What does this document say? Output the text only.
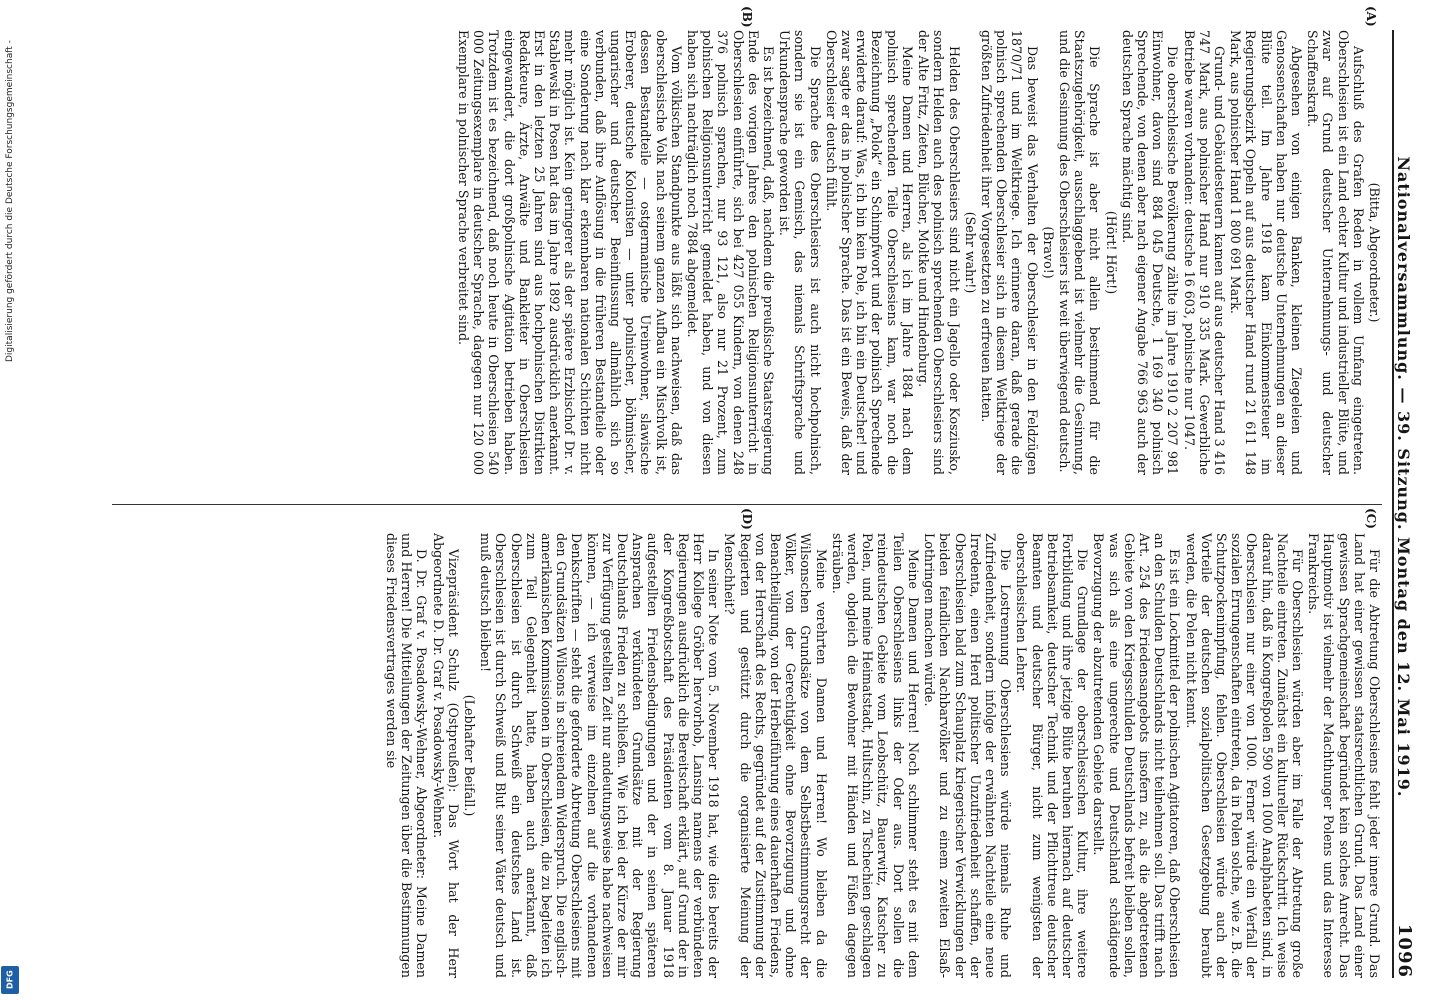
Nationalversammlung. — 39. Sitzung. Montag den 12. Mai 1919.
1096
(A)
(B)
(C)
(D)

(Bitta, Abgeordneter.)

Aufschluß des Grafen Reden in vollem Umfang eingetreten. Oberschlesien ist ein Land echter Kultur und industrieller Blüte, und zwar auf Grund deutscher Unternehmungs- und deutscher Schaffenskraft.

Abgesehen von einigen Banken, kleinen Ziegeleien und Genossenschaften haben nur deutsche Unternehmungen an dieser Blüte teil. Im Jahre 1918 kam Einkommensteuer im Regierungsbezirk Oppeln auf aus deutscher Hand rund 21 611 148 Mark, aus polnischer Hand 1 800 691 Mark.

Grund- und Gebäudesteuern kamen auf aus deutscher Hand 3 416 747 Mark, aus polnischer Hand nur 910 335 Mark. Gewerbliche Betriebe waren vorhanden: deutsche 16 603, polnische nur 1047.

Die oberschlesische Bevölkerung zählte im Jahre 1910 2 207 981 Einwohner, davon sind 884 045 Deutsche, 1 169 340 polnisch Sprechende, von denen aber nach eigener Angabe 766 963 auch der deutschen Sprache mächtig sind.

(Hört! Hört!)

Die Sprache ist aber nicht allein bestimmend für die Staatszugehörigkeit, ausschlaggebend ist vielmehr die Gesinnung, und die Gesinnung des Oberschlesiers ist weit überwiegend deutsch.

(Bravo!)

Das beweist das Verhalten der Oberschlesier in den Feldzügen 1870/71 und im Weltkriege. Ich erinnere daran, daß gerade die polnisch sprechenden Oberschlesier sich in diesem Weltkriege der größten Zufriedenheit ihrer Vorgesetzten zu erfreuen hatten.

(Sehr wahr!)

Helden des Oberschlesiers sind nicht ein Jagello oder Kosziusko, sondern Helden auch des polnisch sprechenden Oberschlesiers sind der Alte Fritz, Zieten, Blücher, Moltke und Hindenburg.

Meine Damen und Herren, als ich im Jahre 1884 nach dem polnisch sprechenden Teile Oberschlesiens kam, war noch die Bezeichnung „Polok“ ein Schimpfwort und der polnisch Sprechende erwiderte darauf: Was, ich bin kein Pole, ich bin ein Deutscher! und zwar sagte er das in polnischer Sprache. Das ist ein Beweis, daß der Oberschlesier deutsch fühlt.

Die Sprache des Oberschlesiers ist auch nicht hochpolnisch, sondern sie ist ein Gemisch, das niemals Schriftsprache und Urkundensprache geworden ist.

Es ist bezeichnend, daß, nachdem die preußische Staatsregierung Ende des vorigen Jahres den polnischen Religionsunterricht in Oberschlesien einführte, sich bei 427 055 Kindern, von denen 248 376 polnisch sprachen, nur 93 121, also nur 21 Prozent, zum polnischen Religionsunterricht gemeldet haben, und von diesen haben sich nachträglich noch 7884 abgemeldet.

Vom völkischen Standpunkte aus läßt sich nachweisen, daß das oberschlesische Volk nach seinem ganzen Aufbau ein Mischvolk ist, dessen Bestandteile — ostgermanische Ureinwohner, slawische Eroberer, deutsche Kolonisten — unter polnischer, böhmischer, ungarischer und deutscher Beeinflussung allmählich sich so verbunden, daß ihre Auflösung in die früheren Bestandteile oder eine Sonderung nach klar erkennbaren nationalen Schichten nicht mehr möglich ist. Kein geringerer als der spätere Erzbischof Dr. v. Stablewski in Posen hat das im Jahre 1892 ausdrücklich anerkannt. Erst in den letzten 25 Jahren sind aus hochpolnischen Distrikten Redakteure, Ärzte, Anwälte und Bankleiter in Oberschlesien eingewandert, die dort großpolnische Agitation betrieben haben. Trotzdem ist es bezeichnend, daß noch heute in Oberschlesien 540 000 Zeitungsexemplare in deutscher Sprache, dagegen nur 120 000 Exemplare in polnischer Sprache verbreitet sind.

Für die Abtretung Oberschlesiens fehlt jeder innere Grund. Das Land hat einer gewissen staatsrechtlichen Grund. Das Land einer gewissen Sprachgemeinschaft begründet kein solches Anrecht. Das Hauptmotiv ist vielmehr der Machthunger Polens und das Interesse Frankreichs.

Für Oberschlesien würden aber im Falle der Abtretung große Nachteile eintreten. Zunächst ein kultureller Rückschritt. Ich weise darauf hin, daß in Kongreßpolen 590 von 1000 Analphabeten sind, in Oberschlesien nur einer von 1000. Ferner würde ein Verfall der sozialen Errungenschaften eintreten, da in Polen solche, wie z. B. die Schutzpockenimpfung, fehlen. Oberschlesien würde auch der Vorteile der deutschen sozialpolitischen Gesetzgebung beraubt werden, die Polen nicht kennt.

Es ist ein Lockmittel der polnischen Agitatoren, daß Oberschlesien an den Schulden Deutschlands nicht teilnehmen soll. Das trifft nach Art. 254 des Friedensangebots insofern zu, als die abgetretenen Gebiete von den Kriegsschulden Deutschlands befreit bleiben sollen, was sich als eine ungerechte und Deutschland schädigende Bevorzugung der abzutretenden Gebiete darstellt.

Die Grundlage der oberschlesischen Kultur, ihre weitere Fortbildung und ihre jetzige Blüte beruhen hiernach auf deutscher Betriebsamkeit, deutscher Technik und der Pflichttreue deutscher Beamten und deutscher Bürger, nicht zum wenigsten der oberschlesischen Lehrer.

Die Lostrennung Oberschlesiens würde niemals Ruhe und Zufriedenheit, sondern infolge der erwähnten Nachteile eine neue Irredenta, einen Herd politischer Unzufriedenheit schaffen, der Oberschlesien bald zum Schauplatz kriegerischer Verwicklungen der beiden feindlichen Nachbarvölker und zu einem zweiten Elsaß-Lothringen machen würde.

Meine Damen und Herren! Noch schlimmer steht es mit dem Teilen Oberschlesiens links der Oder aus. Dort sollen die reindeutschen Gebiete vom Leobschütz, Bauerwitz, Katscher zu Polen, und meine Heimatstadt, Hultschin, zu Tschechien geschlagen werden, obgleich die Bewohner mit Händen und Füßen dagegen sträuben.

Meine verehrten Damen und Herren! Wo bleiben da die Wilsonschen Grundsätze von dem Selbstbestimmungsrecht der Völker, von der Gerechtigkeit ohne Bevorzugung und ohne Benachteiligung, von der Herbeiführung eines dauerhaften Friedens, von der Herrschaft des Rechts, gegründet auf der Zustimmung der Regierten und gestützt durch die organisierte Meinung der Menschheit?

In seiner Note vom 5. November 1918 hat, wie dies bereits der Herr Kollege Gröber hervorhob, Lansing namens der verbündeten Regierungen ausdrücklich die Bereitschaft erklärt, auf Grund der in der Kongreßbotschaft des Präsidenten vom 8. Januar 1918 aufgestellten Friedensbedingungen und der in seinen späteren Ansprachen verkündeten Grundsätze mit der Regierung Deutschlands Frieden zu schließen. Wie ich bei der Kürze der mir zur Verfügung gestellten Zeit nur andeutungsweise habe nachweisen können, — ich verweise im einzelnen auf die vorhandenen Denkschriften — steht die geforderte Abtretung Oberschlesiens mit den Grundsätzen Wilsons in schreiendem Widerspruch. Die englisch-amerikanischen Kommissionen in Oberschlesien, die zu begleiten ich zum Teil Gelegenheit hatte, haben auch anerkannt, daß Oberschlesien ist durch Schweiß ein deutsches Land ist. Oberschlesien ist durch Schweiß und Blut seiner Väter deutsch und muß deutsch bleiben!

(Lebhafter Beifall.)

Vizepräsident Schulz (Ostpreußen): Das Wort hat der Herr Abgeordnete D. Dr. Graf v. Posadowsky-Wehner.

D. Dr. Graf v. Posadowsky-Wehner, Abgeordneter: Meine Damen und Herren! Die Mitteilungen der Zeitungen über die Bestimmungen dieses Friedensvertrages werden sie

Digitalisierung gefördert durch die Deutsche Forschungsgemeinschaft -
DFG
